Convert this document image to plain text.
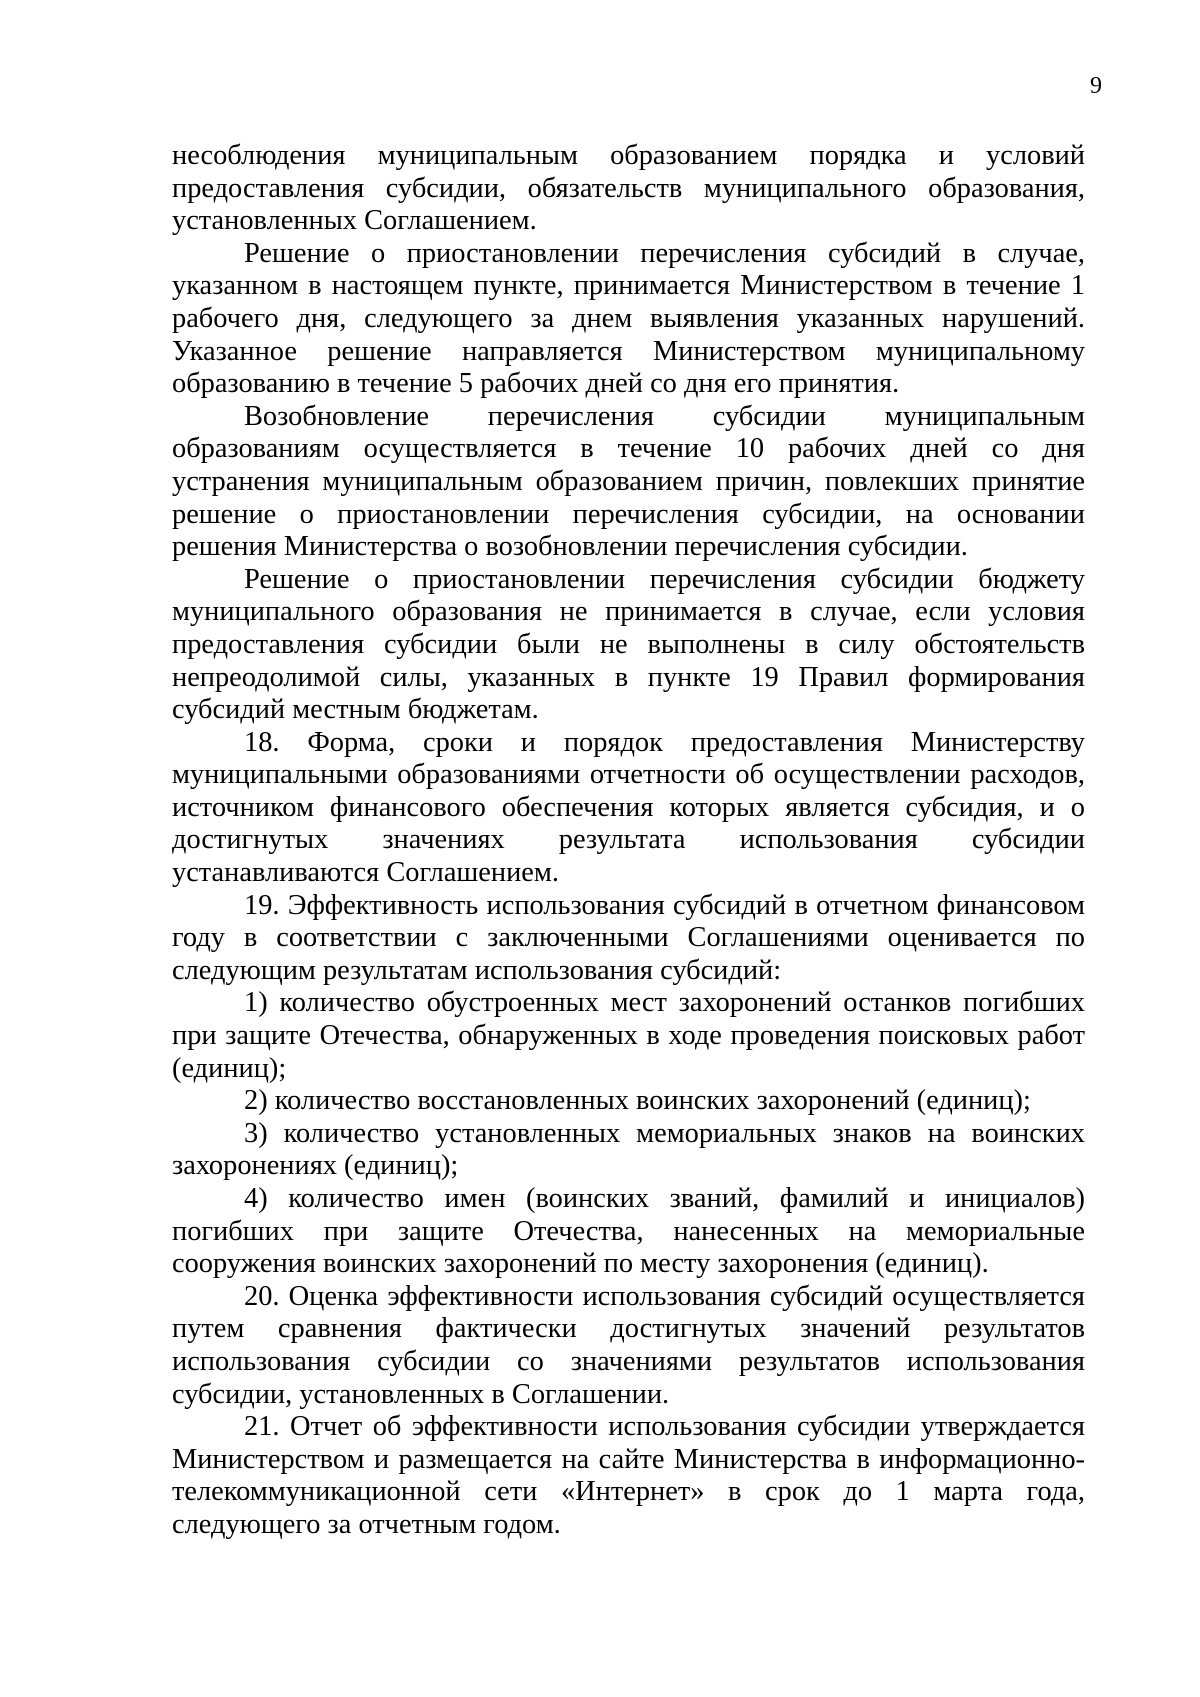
9

несоблюдения муниципальным образованием порядка и условий предоставления субсидии, обязательств муниципального образования, установленных Соглашением.

Решение о приостановлении перечисления субсидий в случае, указанном в настоящем пункте, принимается Министерством в течение 1 рабочего дня, следующего за днем выявления указанных нарушений. Указанное решение направляется Министерством муниципальному образованию в течение 5 рабочих дней со дня его принятия.

Возобновление перечисления субсидии муниципальным образованиям осуществляется в течение 10 рабочих дней со дня устранения муниципальным образованием причин, повлекших принятие решение о приостановлении перечисления субсидии, на основании решения Министерства о возобновлении перечисления субсидии.

Решение о приостановлении перечисления субсидии бюджету муниципального образования не принимается в случае, если условия предоставления субсидии были не выполнены в силу обстоятельств непреодолимой силы, указанных в пункте 19 Правил формирования субсидий местным бюджетам.

18. Форма, сроки и порядок предоставления Министерству муниципальными образованиями отчетности об осуществлении расходов, источником финансового обеспечения которых является субсидия, и о достигнутых значениях результата использования субсидии устанавливаются Соглашением.

19. Эффективность использования субсидий в отчетном финансовом году в соответствии с заключенными Соглашениями оценивается по следующим результатам использования субсидий:

1) количество обустроенных мест захоронений останков погибших при защите Отечества, обнаруженных в ходе проведения поисковых работ (единиц);

2) количество восстановленных воинских захоронений (единиц);

3) количество установленных мемориальных знаков на воинских захоронениях (единиц);

4) количество имен (воинских званий, фамилий и инициалов) погибших при защите Отечества, нанесенных на мемориальные сооружения воинских захоронений по месту захоронения (единиц).

20. Оценка эффективности использования субсидий осуществляется путем сравнения фактически достигнутых значений результатов использования субсидии со значениями результатов использования субсидии, установленных в Соглашении.

21. Отчет об эффективности использования субсидии утверждается Министерством и размещается на сайте Министерства в информационно-телекоммуникационной сети «Интернет» в срок до 1 марта года, следующего за отчетным годом.
